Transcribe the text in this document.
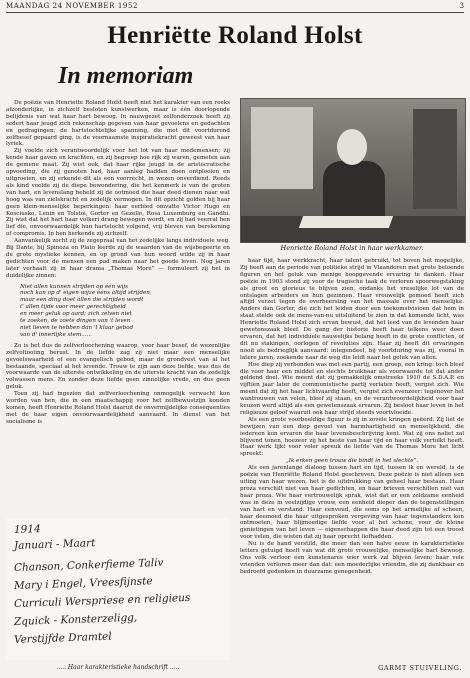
MAANDAG 24 NOVEMBER 1952	3
Henriëtte Roland Holst
In memoriam

De poëzie van Henriette Roland Holst heeft niet het karakter van een reeks afzonderlijke, in zichzelf besloten kunstwerken, maar is één doorlopende belijdenis van wat haar hart bewoog. In nauwgezet zelfonderzoek heeft zij sedert haar jeugd zich rekenschap gegeven van haar gevoelens en gedachten en gedragingen; de hartstochtelijke spanning, die met dit voortdurend zelfbesef gepaard ging, is de voornaamste inspiratiekracht geweest van haar lyriek.

Zij voelde zich verantwoordelijk voor het lot van haar medemensen; zij kende haar gaven en krachten, en zij begreep hoe rijk zij waren, gemeten aan de gemene maat. Zij wist ook, dat haar rijke jeugd in de aristocratische opvoeding, die zij genoten had, haar aanleg hadden doen ontplooien en uitgroeien, en zij erkende dit als een voorrecht, in wezen onverdiend. Reeds als kind voelde zij de diepe bewondering, die het kenmerk is van de groten van hart, en levenslang beheld zij de ootmoed die haar deed dienen naar wat hoog was van zielskracht en zedelijk vermogen. In dit opzicht golden bij haar geen klein-menselijke beperkingen: haar eerbied omvatte Victor Hugo en Kosciusko, Lenin en Tolstoi, Gorter en Gezelle, Rosa Luxemburg en Gandhi. Zij wist dat het hart haar volkeri drang bewogen wordt, en zij had veerral hen lief die, onvoorwaardelijk hun hartstocht volgend, vrij bleven van berekening of compromis. In hen herkende zij zichzelf.

Aanvankelijk zocht zij de zegepraal van het zedelijke langs individuele weg. Bij Dante, bij Spinoza en Plato leerde zij de waarden van de wijsbegeerte en de grote mystieke kennen, en op grond van hun woord wilde zij in haar gedichten voor de mensen een pad maken naar het goede leven. Nog jaren later verhaalt zij in haar drama „Thomas More” — formuleert zij het in duidelijke zinnen:

Niet allen kunnen strijden op één wijs
noch kan op d' eigen wijze ééns altijd strijden,
maar een ding doet allen die strijden wordt
t' allen tijde voor meer gerechtigheid
en meer geluk op aard; zich zelven niet
te zoeken, de zoete dingen van 't leven
niet lieven te hebben dan 't klaar gebod
van d' innerlijke stem......

Zo is het dus de zelfverloochening waarop, voor haar besef, de wezenlijke zelfvoltooiing berust. In de liefde zag zij niet maar een menselijke gevoelswaarheid of een evangelisch gebod, maar de grondvest van al het bestaande, speciaal al het levende. Trouw te zijn aan deze liefde, was dus de voorwaarde van de uiterste ontwikkeling en de uiterste kracht van de zedelijk volwassen mens. En zonder deze liefde geen zinnelijke vrede, en dus geen geluk.

Toen zij had ingezien dat zelfverloochening onmogelijk verwacht kon worden van hen, die in een maatschappij voor het zelfbewustzijn konden komen, heeft Henriette Roland Holst daaruit de onvermijdelijke consequenties met de haar eigen onvoorwaardelijkheid aanvaard. In dienst van het socialisme is

Henriette Roland Holst in haar werkkamer.

haar tijd, haar werkkracht, haar talent gebruikt, tot boven het mogelijke. Zij heeft aan de periode van politieke strijd in Vlaanderen met grote beloende figuren en het geluk van menige hoopgevende ervaring te danken. Haar poëzie in 1903 stond zij voor de tragische taak de verloren spoorwegstaking als groot en glorieus te blijven zien, ondanks het vreselijke lot van de ontslagen arbeiders en hun gezinnen. Haar vrouwelijk gemoed heeft zich altijd verzet tegen de overheersing van het massale over het menselijke. Anders dan Gorter, die zich het leiden door een toekomstvisioen dat hem in staat stelde ook de mens-van-nu uitsluitend te zien in dat komende licht, was Henriette Roland Holst zich ervan bewust, dat het leed van de levenden haar gewetenszaak bleef. De gang der historie heeft haar telkens weer doen ervaren, dat het individuele nauwelijks belang heeft in de grote conflicten, of dit nu stakingen, oorlogen of revoluties zijn. Haar zij heeft dit ervaringen nooit als bedrieglijk aanvaard: integendeel, bij voortduring was zij, vooral in latere jaren, zoekende naar de weg die leidt naar het geluk van allen.

Hoe diep zij verbonden was met een partij, een groep, een kring: toch bleef die voor haar een middel en slechts bruikbaar als voorwaarde tot dat ander geldend doel. Wie meent dat zij gemakkelijk omstreeks 1910 de S.D.A.P. en vijftien jaar later de communistische partij verlaten heeft, vergist zich. Wie meent dat zij het haar lichtvaardig heeft, vergist zich evenzeer: tegenover het wantrouwen van velen, bleef zij staan, en de verantwoordelijkheid voor haar keuzen werd altijd als een gewetenszaak ervaren. Zij besloot haar leven in het religieuze geloof waaruit ook haar strijd steeds voortvloeide.

Als een grote voorbeeldige figuur is zij in zovele kringen geëerd. Zij liet de bewijzen van een diep gevoel van barmhartigheid en menselijkheid, die iedereen kon ervaren die haar levensbeschrijving kent. Wat zij ons naliet zal blijvend tonen, hoezeer zij het beste van haar tijd en haar volk vertolkt heeft. Haar werk lijkt voor veler spreuk de liefde van de Thomas More het licht spreekt:

„Ik erken geen trouw die bindt in het slechte”.

Als een jarenlange dialoog tussen hart en tijd, tussen ik en wereld, is de poëzie van Henriëtte Roland Holst geschreven. Deze poëzie is niet alleen een uiting van haar wezen, het is de uitdrukking van geheel haar bestaan. Haar proza verschilt niet van haar gedichten, en haar brieven verschillen niet van haar proza. Wie haar vertrouwelijk sprak, wist dat er een zeldzame eenheid was in deze in veelzijdige vrouw, een eenheid dieper dan de tegenstellingen van hart en verstand. Haar eenvoud, die soms op het armelijke af scheen, haar deemoed die haar uitgesproken vergeving van haar tegenstanders kon ontmoeten, haar blijmoedige liefde voor al het schone, voor de kleine genietingen van het leven — eigenschappen die haar deed zijn tot een troost voor velen, die wisten dat zij haar oprecht liefhadden.

Nu is de hand verstild, die meer dan een halve eeuw in karakteristieke letters getuigd heeft van wat dit grote vrouwelijke, menselijke hart bewoog. Ons volk verloor een kunstenares wier werk zal blijven leven; haar vele vrienden verloren meer dan dat: een moederlijke vriendin, die zij dankbaar en bedroefd gedenken in duurzame genegenheid.

1914
Januari - Maart
Chanson, Conkerfieme Taliv
Mary i Engel, Vreesfijnste
Curriculi Werspriese en religieus
Zquick - Konsterzeligg,
Verstijfde Dramtel
..... Haar karakteristieke handschrift .....	GARMT STUIVELING.
